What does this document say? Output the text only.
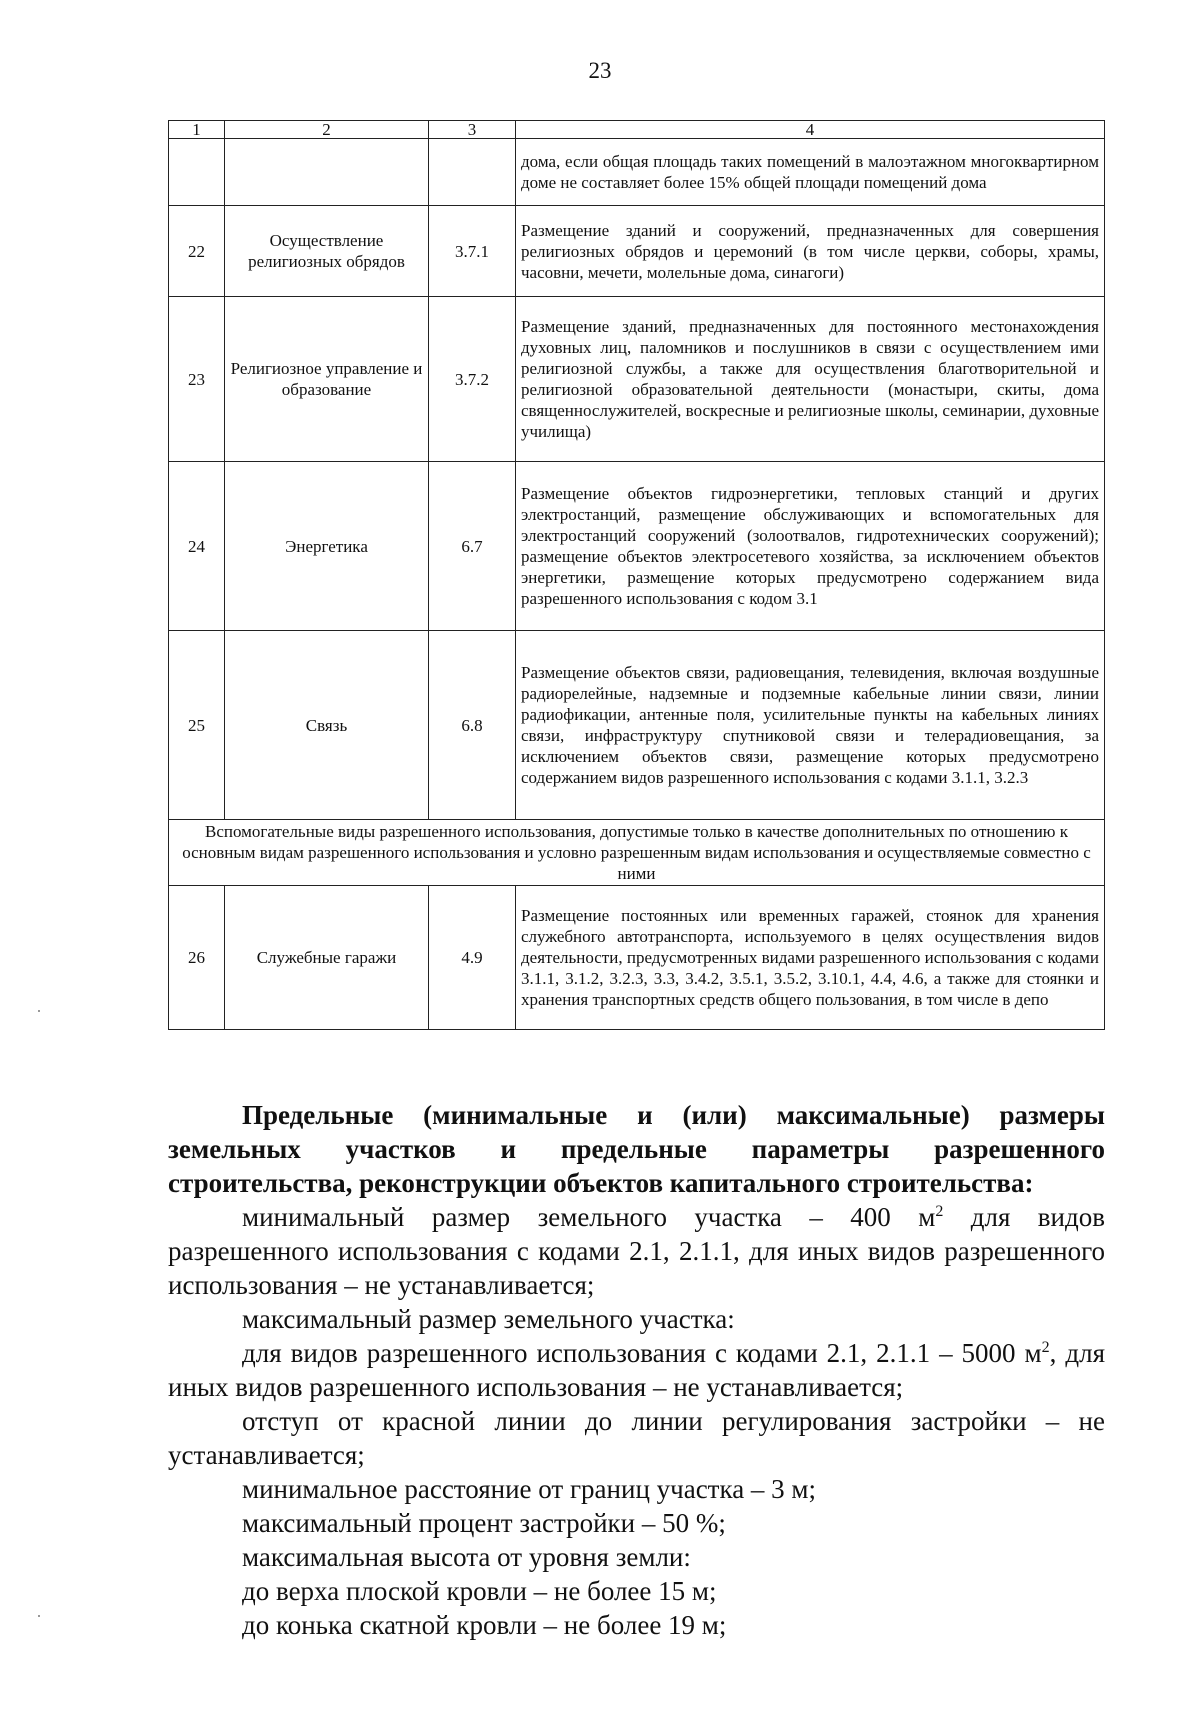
23
1	2	3	4
			дома, если общая площадь таких помещений в малоэтажном многоквартирном доме не составляет более 15% общей площади помещений дома
22	Осуществление религиозных обрядов	3.7.1	Размещение зданий и сооружений, предназначенных для совершения религиозных обрядов и церемоний (в том числе церкви, соборы, храмы, часовни, мечети, молельные дома, синагоги)
23	Религиозное управление и образование	3.7.2	Размещение зданий, предназначенных для постоянного местонахождения духовных лиц, паломников и послушников в связи с осуществлением ими религиозной службы, а также для осуществления благотворительной и религиозной образовательной деятельности (монастыри, скиты, дома священнослужителей, воскресные и религиозные школы, семинарии, духовные училища)
24	Энергетика	6.7	Размещение объектов гидроэнергетики, тепловых станций и других электростанций, размещение обслуживающих и вспомогательных для электростанций сооружений (золоотвалов, гидротехнических сооружений); размещение объектов электросетевого хозяйства, за исключением объектов энергетики, размещение которых предусмотрено содержанием вида разрешенного использования с кодом 3.1
25	Связь	6.8	Размещение объектов связи, радиовещания, телевидения, включая воздушные радиорелейные, надземные и подземные кабельные линии связи, линии радиофикации, антенные поля, усилительные пункты на кабельных линиях связи, инфраструктуру спутниковой связи и телерадиовещания, за исключением объектов связи, размещение которых предусмотрено содержанием видов разрешенного использования с кодами 3.1.1, 3.2.3
Вспомогательные виды разрешенного использования, допустимые только в качестве дополнительных по отношению к основным видам разрешенного использования и условно разрешенным видам использования и осуществляемые совместно с ними			
26	Служебные гаражи	4.9	Размещение постоянных или временных гаражей, стоянок для хранения служебного автотранспорта, используемого в целях осуществления видов деятельности, предусмотренных видами разрешенного использования с кодами 3.1.1, 3.1.2, 3.2.3, 3.3, 3.4.2, 3.5.1, 3.5.2, 3.10.1, 4.4, 4.6, а также для стоянки и хранения транспортных средств общего пользования, в том числе в депо

Предельные (минимальные и (или) максимальные) размеры земельных участков и предельные параметры разрешенного строительства, реконструкции объектов капитального строительства:

минимальный размер земельного участка – 400 $м^2$ для видов разрешенного использования с кодами 2.1, 2.1.1, для иных видов разрешенного использования – не устанавливается;

максимальный размер земельного участка:

для видов разрешенного использования с кодами 2.1, 2.1.1 – 5000 $м^2$, для иных видов разрешенного использования – не устанавливается;

отступ от красной линии до линии регулирования застройки – не устанавливается;

минимальное расстояние от границ участка – 3 м;

максимальный процент застройки – 50 %;

максимальная высота от уровня земли:

до верха плоской кровли – не более 15 м;

до конька скатной кровли – не более 19 м;
